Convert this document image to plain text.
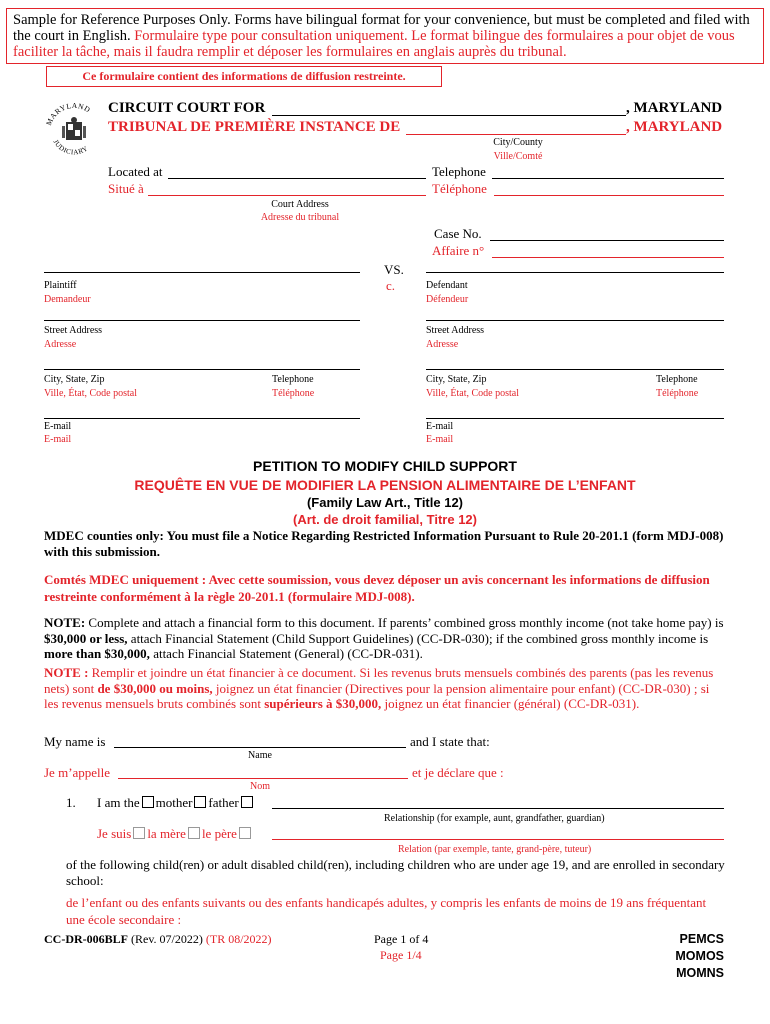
Sample for Reference Purposes Only. Forms have bilingual format for your convenience, but must be completed and filed with the court in English. Formulaire type pour consultation uniquement. Le format bilingue des formulaires a pour objet de vous faciliter la tâche, mais il faudra remplir et déposer les formulaires en anglais auprès du tribunal.
Ce formulaire contient des informations de diffusion restreinte.
MARYLAND
JUDICIARY
CIRCUIT COURT FOR	, MARYLAND
TRIBUNAL DE PREMIÈRE INSTANCE DE	, MARYLAND
City/County
Ville/Comté
Located at
Situé à
Telephone
Téléphone
Court Address
Adresse du tribunal
Case No.
Affaire n°
VS.
c.
Plaintiff
Demandeur
Defendant
Défendeur
Street Address
Adresse
Street Address
Adresse
City, State, Zip
Ville, État, Code postal
Telephone
Téléphone
City, State, Zip
Ville, État, Code postal
Telephone
Téléphone
E-mail
E-mail
E-mail
E-mail
PETITION TO MODIFY CHILD SUPPORT
REQUÊTE EN VUE DE MODIFIER LA PENSION ALIMENTAIRE DE L’ENFANT
(Family Law Art., Title 12)
(Art. de droit familial, Titre 12)
MDEC counties only: You must file a Notice Regarding Restricted Information Pursuant to Rule 20-201.1 (form MDJ-008) with this submission.
Comtés MDEC uniquement : Avec cette soumission, vous devez déposer un avis concernant les informations de diffusion restreinte conformément à la règle 20-201.1 (formulaire MDJ-008).
NOTE: Complete and attach a financial form to this document. If parents’ combined gross monthly income (not take home pay) is $30,000 or less, attach Financial Statement (Child Support Guidelines) (CC-DR-030); if the combined gross monthly income is more than $30,000, attach Financial Statement (General) (CC-DR-031).
NOTE : Remplir et joindre un état financier à ce document. Si les revenus bruts mensuels combinés des parents (pas les revenus nets) sont de $30,000 ou moins, joignez un état financier (Directives pour la pension alimentaire pour enfant) (CC-DR-030) ; si les revenus mensuels bruts combinés sont supérieurs à $30,000, joignez un état financier (général) (CC-DR-031).
My name is	and I state that:
Name
Je m’appelle	et je déclare que :
Nom
1. I am the mother father
Relationship (for example, aunt, grandfather, guardian)
Je suis la mère le père
Relation (par exemple, tante, grand-père, tuteur)
of the following child(ren) or adult disabled child(ren), including children who are under age 19, and are enrolled in secondary school:
de l’enfant ou des enfants suivants ou des enfants handicapés adultes, y compris les enfants de moins de 19 ans fréquentant une école secondaire :
CC-DR-006BLF (Rev. 07/2022) (TR 08/2022)	Page 1 of 4
Page 1/4
PEMCS
MOMOS
MOMNS
